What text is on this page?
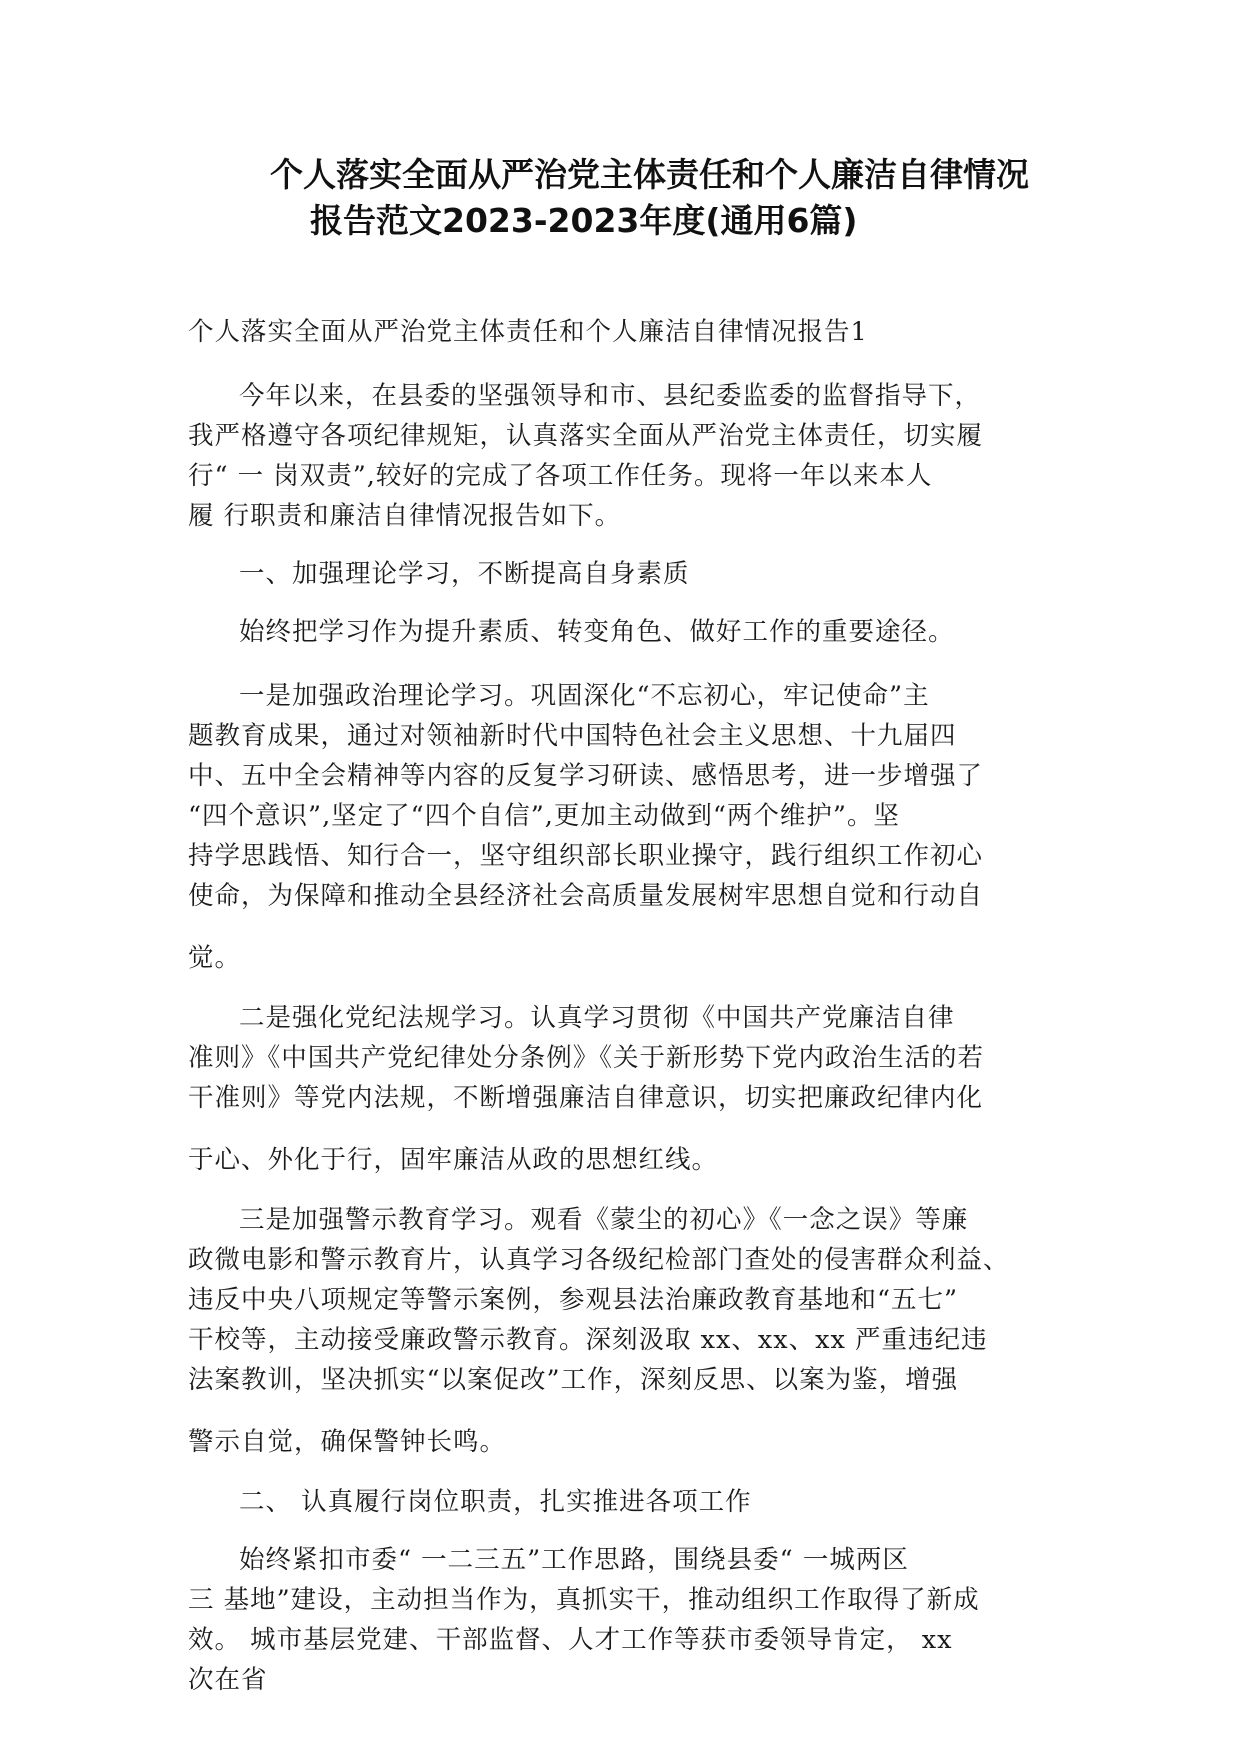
个人落实全面从严治党主体责任和个人廉洁自律情况
报告范文2023-2023年度(通用6篇)

个人落实全面从严治党主体责任和个人廉洁自律情况报告1

今年以来，在县委的坚强领导和市、县纪委监委的监督指导下，

我严格遵守各项纪律规矩，认真落实全面从严治党主体责任，切实履

行“ 一 岗双责”,较好的完成了各项工作任务。现将一年以来本人

履 行职责和廉洁自律情况报告如下。

一、加强理论学习，不断提高自身素质

始终把学习作为提升素质、转变角色、做好工作的重要途径。

一是加强政治理论学习。巩固深化“不忘初心，牢记使命”主

题教育成果，通过对领袖新时代中国特色社会主义思想、十九届四

中、五中全会精神等内容的反复学习研读、感悟思考，进一步增强了

“四个意识”,坚定了“四个自信”,更加主动做到“两个维护”。坚

持学思践悟、知行合一，坚守组织部长职业操守，践行组织工作初心

使命，为保障和推动全县经济社会高质量发展树牢思想自觉和行动自

觉。

二是强化党纪法规学习。认真学习贯彻《中国共产党廉洁自律

准则》《中国共产党纪律处分条例》《关于新形势下党内政治生活的若

干准则》等党内法规，不断增强廉洁自律意识，切实把廉政纪律内化

于心、外化于行，固牢廉洁从政的思想红线。

三是加强警示教育学习。观看《蒙尘的初心》《一念之误》等廉

政微电影和警示教育片，认真学习各级纪检部门查处的侵害群众利益、

违反中央八项规定等警示案例，参观县法治廉政教育基地和“五七”

干校等，主动接受廉政警示教育。深刻汲取 xx、xx、xx 严重违纪违

法案教训，坚决抓实“以案促改”工作，深刻反思、以案为鉴，增强

警示自觉，确保警钟长鸣。

二、 认真履行岗位职责，扎实推进各项工作

始终紧扣市委“ 一二三五”工作思路，围绕县委“ 一城两区

三 基地”建设，主动担当作为，真抓实干，推动组织工作取得了新成

效。 城市基层党建、干部监督、人才工作等获市委领导肯定， xx

次在省
